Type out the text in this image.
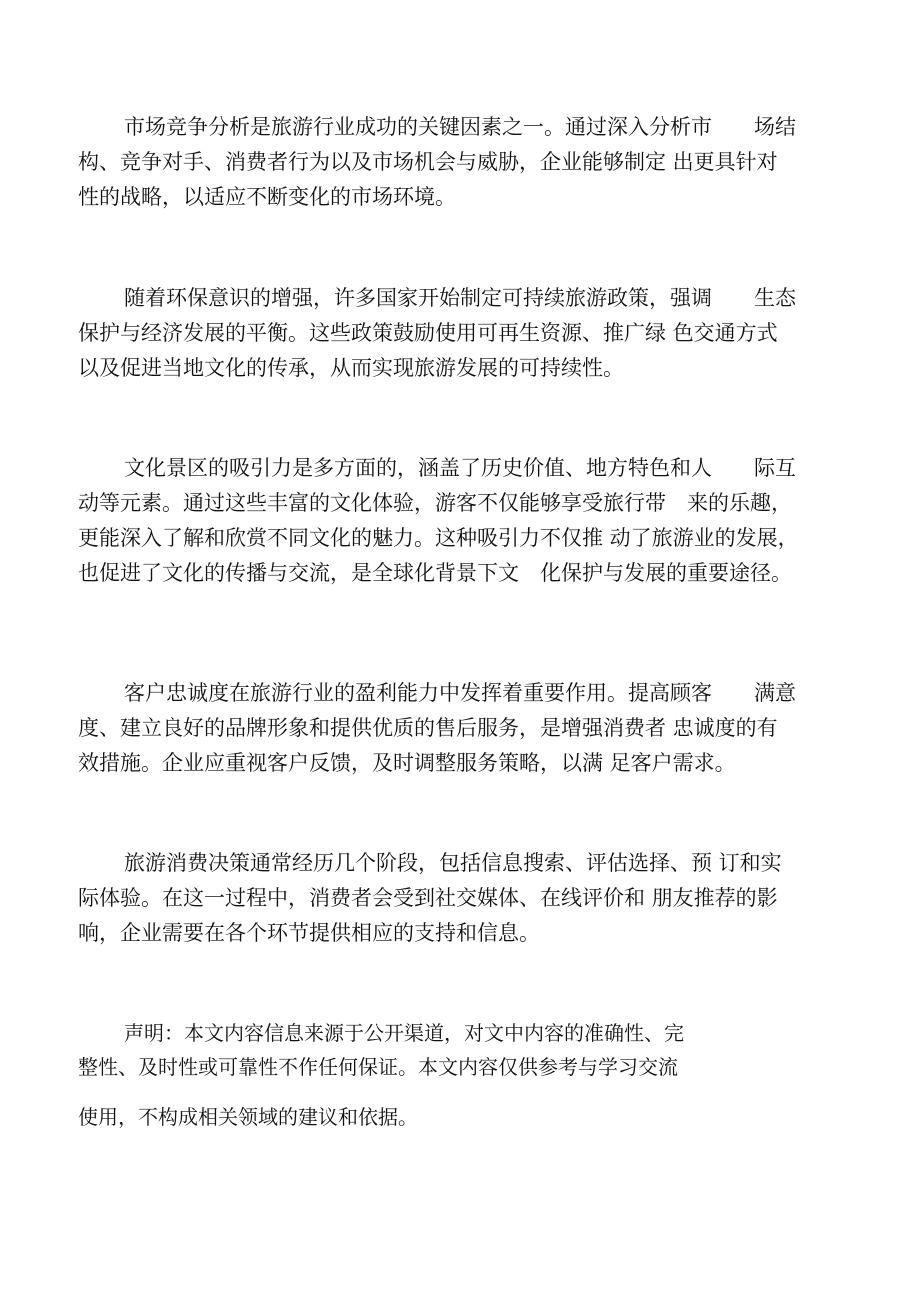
市场竞争分析是旅游行业成功的关键因素之一。通过深入分析市　　场结
构、竞争对手、消费者行为以及市场机会与威胁，企业能够制定 出更具针对
性的战略，以适应不断变化的市场环境。
随着环保意识的增强，许多国家开始制定可持续旅游政策，强调　　生态
保护与经济发展的平衡。这些政策鼓励使用可再生资源、推广绿 色交通方式
以及促进当地文化的传承，从而实现旅游发展的可持续性。
文化景区的吸引力是多方面的，涵盖了历史价值、地方特色和人　　际互
动等元素。通过这些丰富的文化体验，游客不仅能够享受旅行带　来的乐趣，
更能深入了解和欣赏不同文化的魅力。这种吸引力不仅推 动了旅游业的发展，
也促进了文化的传播与交流，是全球化背景下文　化保护与发展的重要途径。
客户忠诚度在旅游行业的盈利能力中发挥着重要作用。提高顾客　　满意
度、建立良好的品牌形象和提供优质的售后服务，是增强消费者 忠诚度的有
效措施。企业应重视客户反馈，及时调整服务策略，以满 足客户需求。
旅游消费决策通常经历几个阶段，包括信息搜索、评估选择、预 订和实
际体验。在这一过程中，消费者会受到社交媒体、在线评价和 朋友推荐的影
响，企业需要在各个环节提供相应的支持和信息。
声明：本文内容信息来源于公开渠道，对文中内容的准确性、完
整性、及时性或可靠性不作任何保证。本文内容仅供参考与学习交流
使用，不构成相关领域的建议和依据。
